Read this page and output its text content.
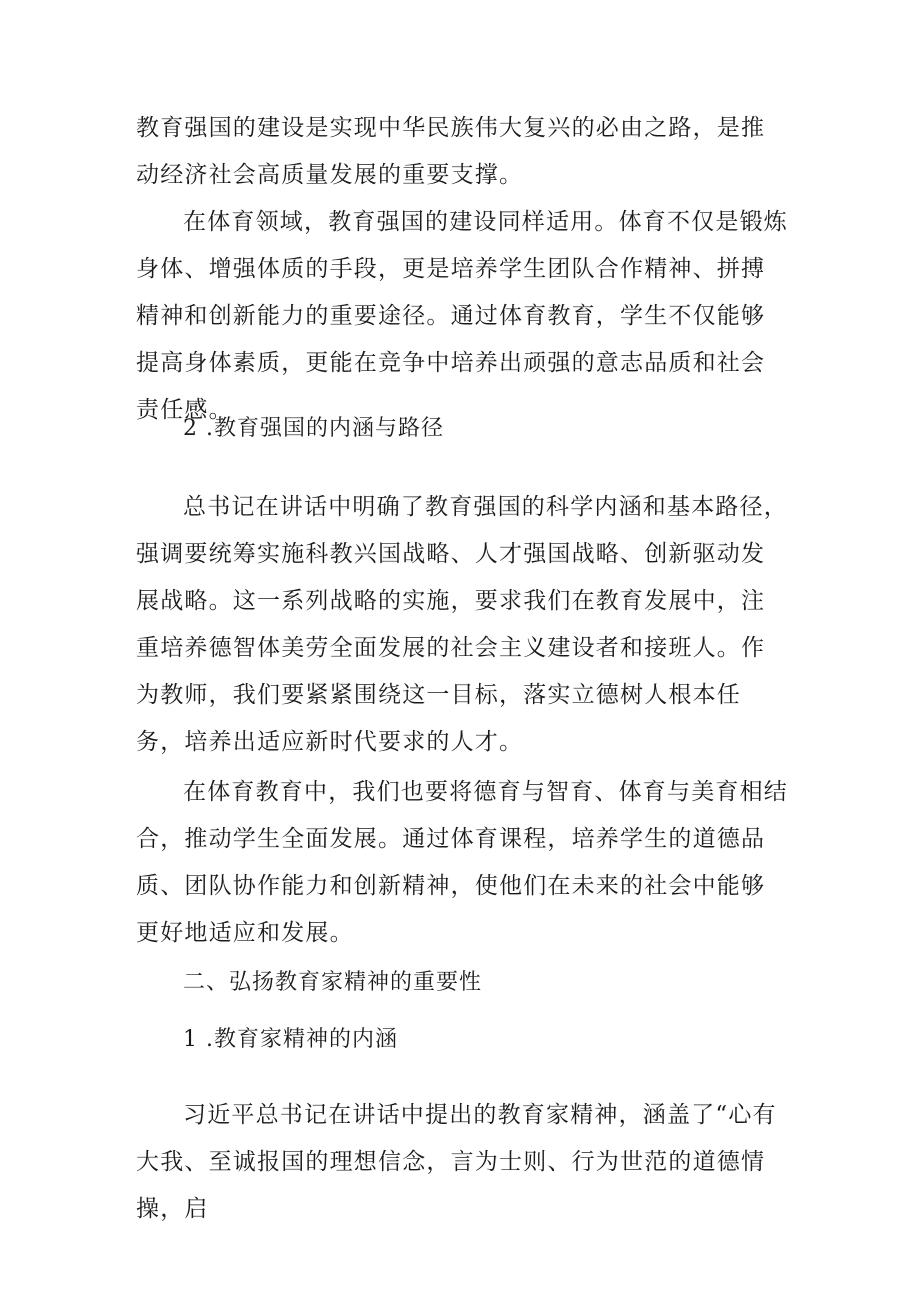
教育强国的建设是实现中华民族伟大复兴的必由之路，是推动经济社会高质量发展的重要支撑。

在体育领域，教育强国的建设同样适用。体育不仅是锻炼身体、增强体质的手段，更是培养学生团队合作精神、拼搏精神和创新能力的重要途径。通过体育教育，学生不仅能够提高身体素质，更能在竞争中培养出顽强的意志品质和社会责任感。

2 .教育强国的内涵与路径

总书记在讲话中明确了教育强国的科学内涵和基本路径，强调要统筹实施科教兴国战略、人才强国战略、创新驱动发展战略。这一系列战略的实施，要求我们在教育发展中，注重培养德智体美劳全面发展的社会主义建设者和接班人。作为教师，我们要紧紧围绕这一目标，落实立德树人根本任务，培养出适应新时代要求的人才。

在体育教育中，我们也要将德育与智育、体育与美育相结合，推动学生全面发展。通过体育课程，培养学生的道德品质、团队协作能力和创新精神，使他们在未来的社会中能够更好地适应和发展。

二、弘扬教育家精神的重要性

1 .教育家精神的内涵

习近平总书记在讲话中提出的教育家精神，涵盖了“心有大我、至诚报国的理想信念，言为士则、行为世范的道德情操，启
